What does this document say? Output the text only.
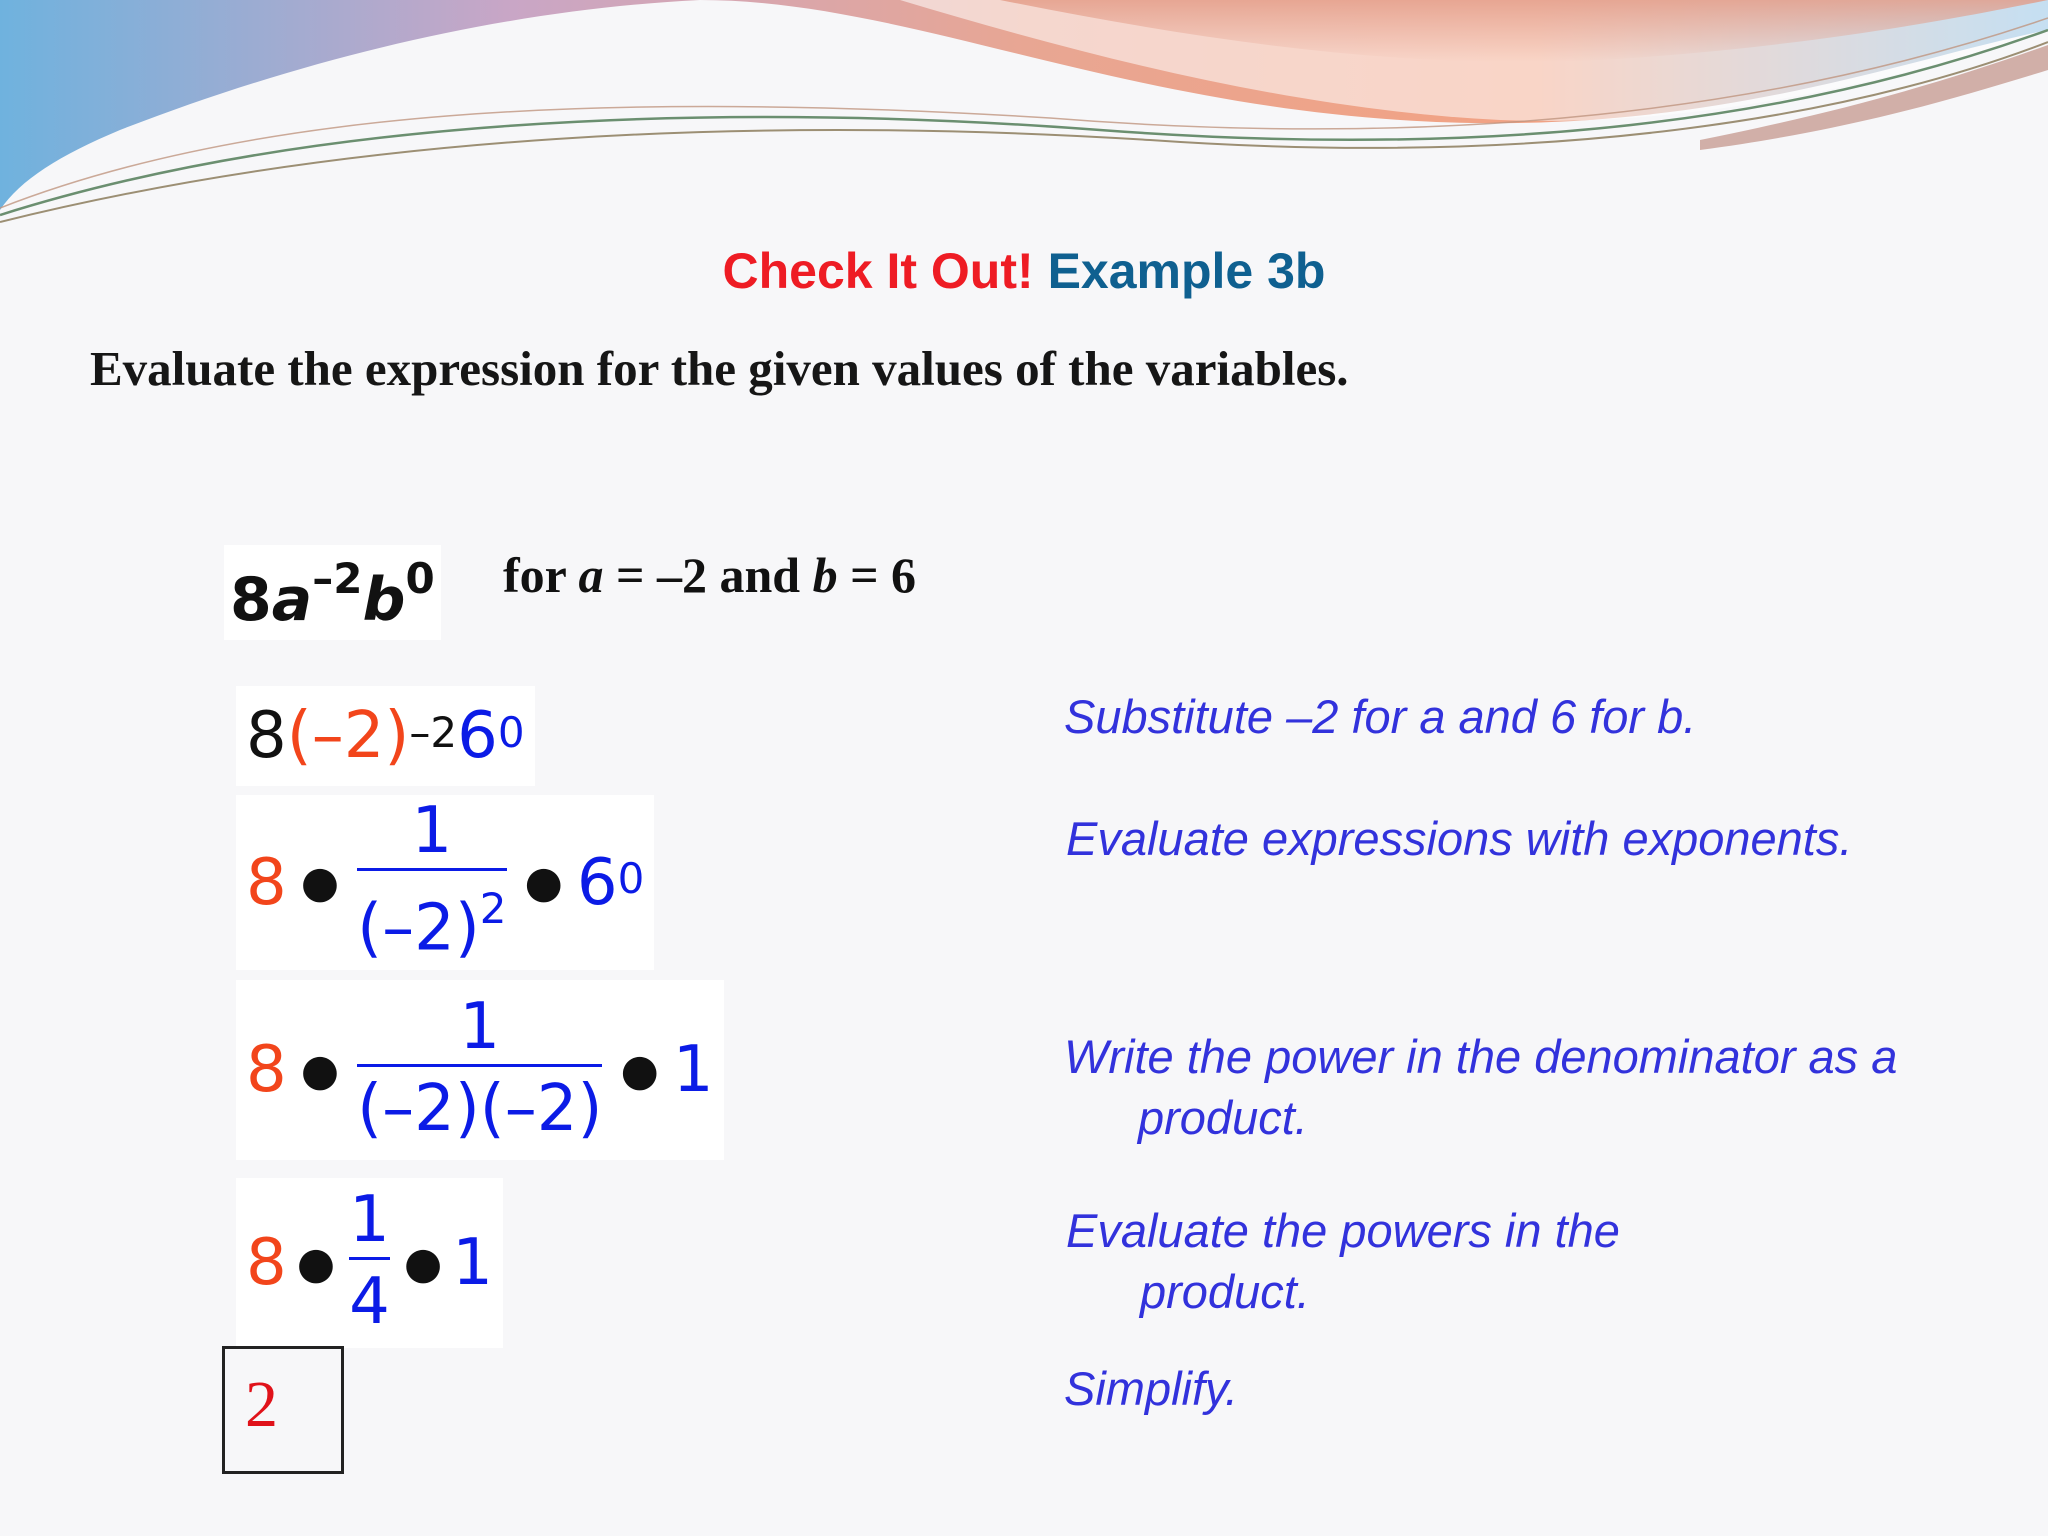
Check It Out! Example 3b
Evaluate the expression for the given values of the variables.
$8a^{-2}b^0$ for a = –2 and b = 6
8 $(-2)^{-2}$ $6^0$
8 ● $\frac{1}{(-2)^2}$ ● $6^0$
8 ● $\frac{1}{(-2)(-2)}$ ● 1
8 ● $\frac{1}{4}$ ● 1
2
Substitute –2 for a and 6 for b.
Evaluate expressions with exponents.
Write the power in the denominator as a
product.
Evaluate the powers in the
product.
Simplify.
